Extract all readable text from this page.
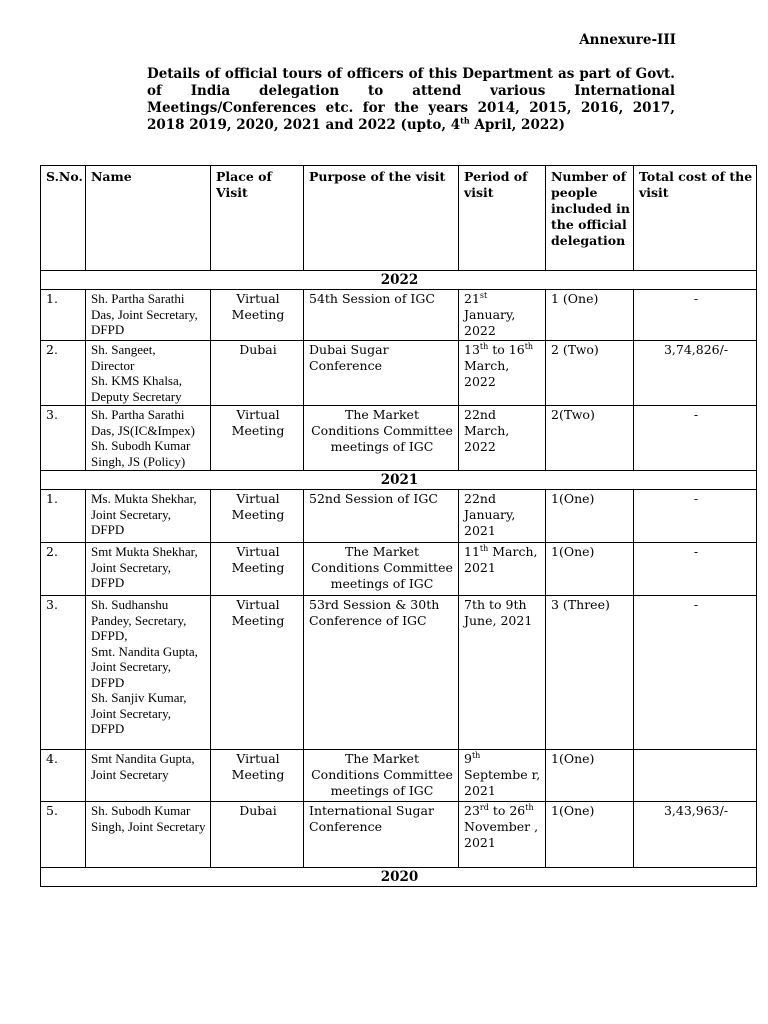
Annexure-III
Details of official tours of officers of this Department as part of Govt. of India delegation to attend various International Meetings/Conferences etc. for the years 2014, 2015, 2016, 2017, 2018 2019, 2020, 2021 and 2022 (upto, 4th April, 2022)
S.No.	Name	Place of Visit	Purpose of the visit	Period of visit	Number of people included in the official delegation	Total cost of the visit
2022						
1.	Sh. Partha Sarathi Das, Joint Secretary, DFPD	Virtual Meeting	54th Session of IGC	21st January, 2022	1 (One)	-
2.	Sh. Sangeet,
Director
Sh. KMS Khalsa,
Deputy Secretary	Dubai	Dubai Sugar Conference	13th to 16th March, 2022	2 (Two)	3,74,826/-
3.	Sh. Partha Sarathi Das, JS(IC&Impex)
Sh. Subodh Kumar Singh, JS (Policy)	Virtual Meeting	The Market Conditions Committee meetings of IGC	22nd March, 2022	2(Two)	-
2021						
1.	Ms. Mukta Shekhar, Joint Secretary, DFPD	Virtual Meeting	52nd Session of IGC	22nd January, 2021	1(One)	-
2.	Smt Mukta Shekhar, Joint Secretary, DFPD	Virtual Meeting	The Market Conditions Committee meetings of IGC	11th March, 2021	1(One)	-
3.	Sh. Sudhanshu Pandey, Secretary, DFPD,
Smt. Nandita Gupta, Joint Secretary, DFPD
Sh. Sanjiv Kumar, Joint Secretary, DFPD	Virtual Meeting	53rd Session & 30th Conference of IGC	7th to 9th June, 2021	3 (Three)	-
4.	Smt Nandita Gupta, Joint Secretary	Virtual Meeting	The Market Conditions Committee meetings of IGC	9th Septembe r, 2021	1(One)	
5.	Sh. Subodh Kumar Singh, Joint Secretary	Dubai	International Sugar Conference	23rd to 26th November , 2021	1(One)	3,43,963/-
2020						
